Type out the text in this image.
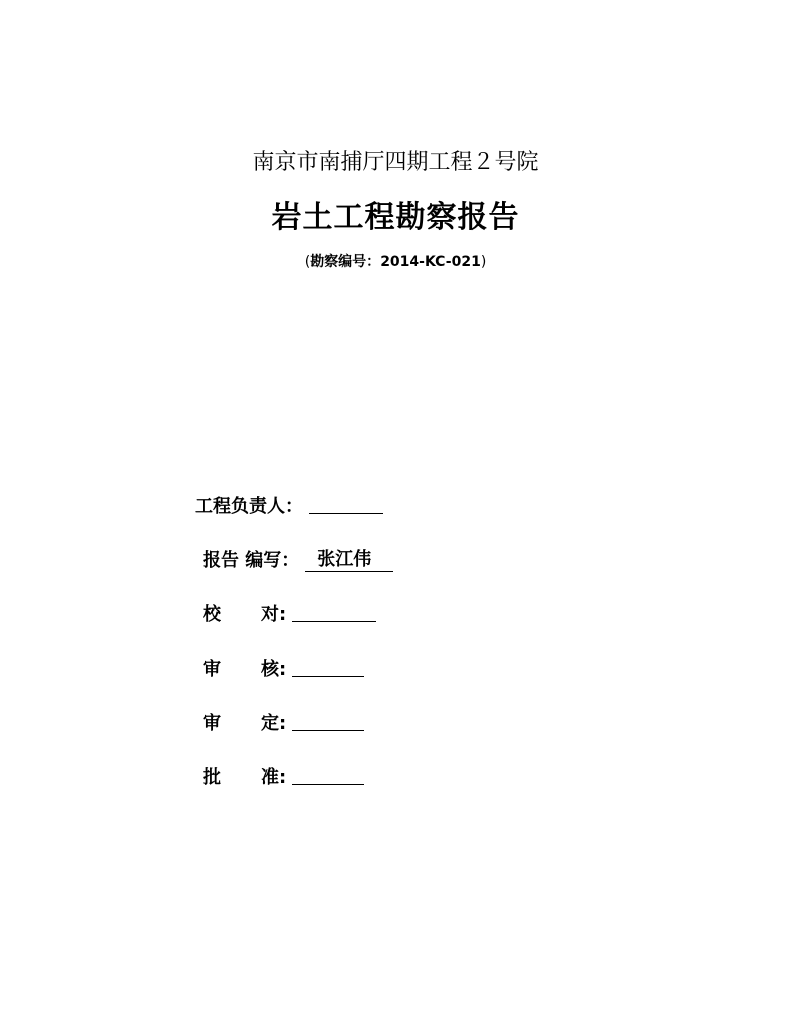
南京市南捕厅四期工程２号院
岩土工程勘察报告
(勘察编号：2014-KC-021)
工程负责人：
报告 编写：	张江伟
校	对:
审	核:
审	定:
批	准:
